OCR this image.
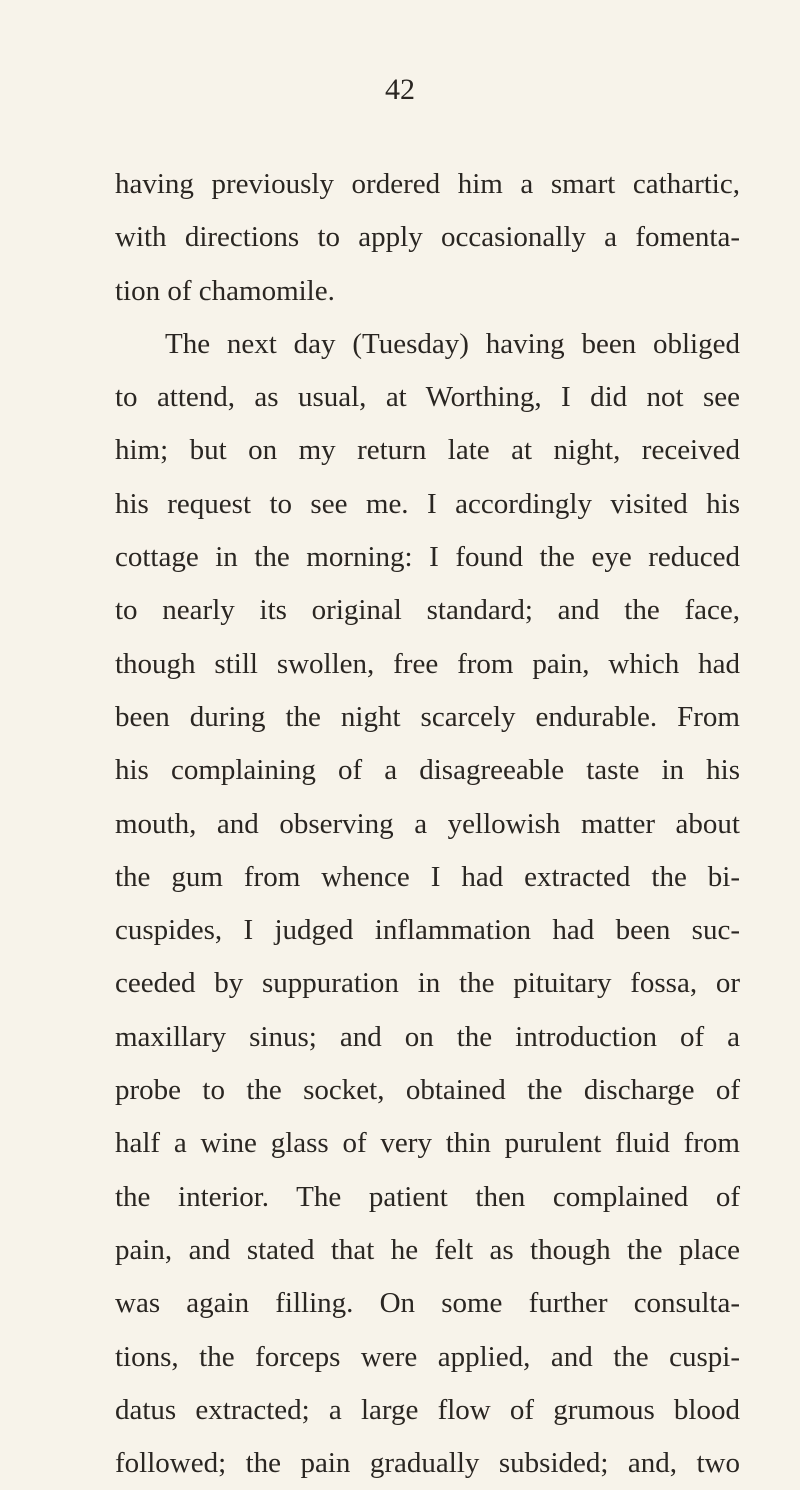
42
having previously ordered him a smart cathartic,
with directions to apply occasionally a fomenta-
tion of chamomile.
The next day (Tuesday) having been obliged
to attend, as usual, at Worthing, I did not see
him; but on my return late at night, received
his request to see me. I accordingly visited his
cottage in the morning: I found the eye reduced
to nearly its original standard; and the face,
though still swollen, free from pain, which had
been during the night scarcely endurable. From
his complaining of a disagreeable taste in his
mouth, and observing a yellowish matter about
the gum from whence I had extracted the bi-
cuspides, I judged inflammation had been suc-
ceeded by suppuration in the pituitary fossa, or
maxillary sinus; and on the introduction of a
probe to the socket, obtained the discharge of
half a wine glass of very thin purulent fluid from
the interior. The patient then complained of
pain, and stated that he felt as though the place
was again filling. On some further consulta-
tions, the forceps were applied, and the cuspi-
datus extracted; a large flow of grumous blood
followed; the pain gradually subsided; and, two
